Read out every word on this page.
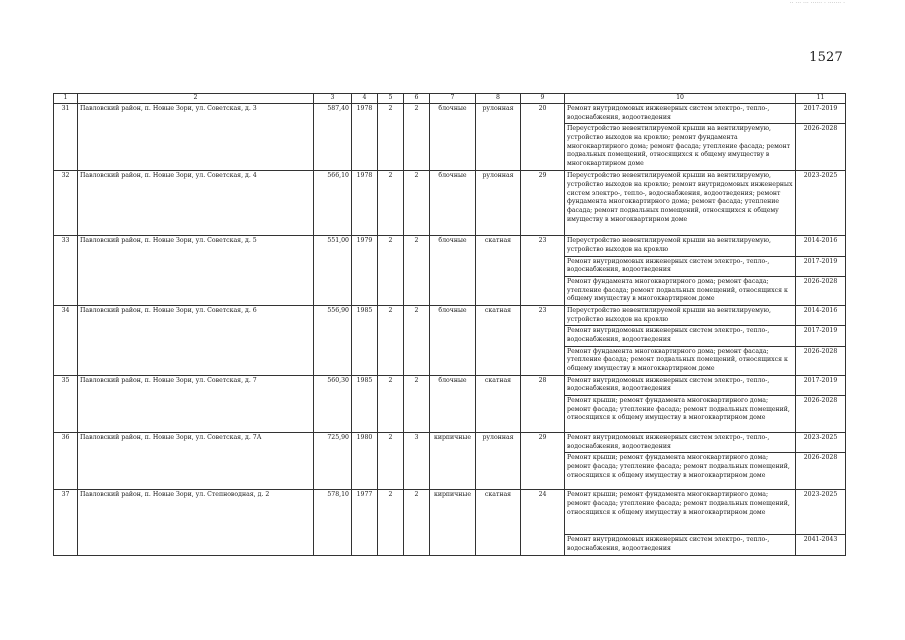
·· ··· ··· ······ · ······· ·
1527
1	2	3	4	5	6	7	8	9	10	11
31	Павловский район, п. Новые Зори, ул. Советская, д. 3	587,40	1978	2	2	блочные	рулонная	20	Ремонт внутридомовых инженерных систем электро-, тепло-, водоснабжения, водоотведения	2017-2019
									Переустройство невентилируемой крыши на вентилируемую, устройство выходов на кровлю; ремонт фундамента многоквартирного дома; ремонт фасада; утепление фасада; ремонт подвальных помещений, относящихся к общему имуществу в многоквартирном доме	2026-2028
32	Павловский район, п. Новые Зори, ул. Советская, д. 4	566,10	1978	2	2	блочные	рулонная	29	Переустройство невентилируемой крыши на вентилируемую, устройство выходов на кровлю; ремонт внутридомовых инженерных систем электро-, тепло-, водоснабжения, водоотведения; ремонт фундамента многоквартирного дома; ремонт фасада; утепление фасада; ремонт подвальных помещений, относящихся к общему имуществу в многоквартирном доме	2023-2025
33	Павловский район, п. Новые Зори, ул. Советская, д. 5	551,00	1979	2	2	блочные	скатная	23	Переустройство невентилируемой крыши на вентилируемую, устройство выходов на кровлю	2014-2016
									Ремонт внутридомовых инженерных систем электро-, тепло-, водоснабжения, водоотведения	2017-2019
									Ремонт фундамента многоквартирного дома; ремонт фасада; утепление фасада; ремонт подвальных помещений, относящихся к общему имуществу в многоквартирном доме	2026-2028
34	Павловский район, п. Новые Зори, ул. Советская, д. 6	556,90	1985	2	2	блочные	скатная	23	Переустройство невентилируемой крыши на вентилируемую, устройство выходов на кровлю	2014-2016
									Ремонт внутридомовых инженерных систем электро-, тепло-, водоснабжения, водоотведения	2017-2019
									Ремонт фундамента многоквартирного дома; ремонт фасада; утепление фасада; ремонт подвальных помещений, относящихся к общему имуществу в многоквартирном доме	2026-2028
35	Павловский район, п. Новые Зори, ул. Советская, д. 7	560,30	1985	2	2	блочные	скатная	28	Ремонт внутридомовых инженерных систем электро-, тепло-, водоснабжения, водоотведения	2017-2019
									Ремонт крыши; ремонт фундамента многоквартирного дома; ремонт фасада; утепление фасада; ремонт подвальных помещений, относящихся к общему имуществу в многоквартирном доме	2026-2028
36	Павловский район, п. Новые Зори, ул. Советская, д. 7А	725,90	1980	2	3	кирпичные	рулонная	29	Ремонт внутридомовых инженерных систем электро-, тепло-, водоснабжения, водоотведения	2023-2025
									Ремонт крыши; ремонт фундамента многоквартирного дома; ремонт фасада; утепление фасада; ремонт подвальных помещений, относящихся к общему имуществу в многоквартирном доме	2026-2028
37	Павловский район, п. Новые Зори, ул. Степноводная, д. 2	578,10	1977	2	2	кирпичные	скатная	24	Ремонт крыши; ремонт фундамента многоквартирного дома; ремонт фасада; утепление фасада; ремонт подвальных помещений, относящихся к общему имуществу в многоквартирном доме	2023-2025
									Ремонт внутридомовых инженерных систем электро-, тепло-, водоснабжения, водоотведения	2041-2043
